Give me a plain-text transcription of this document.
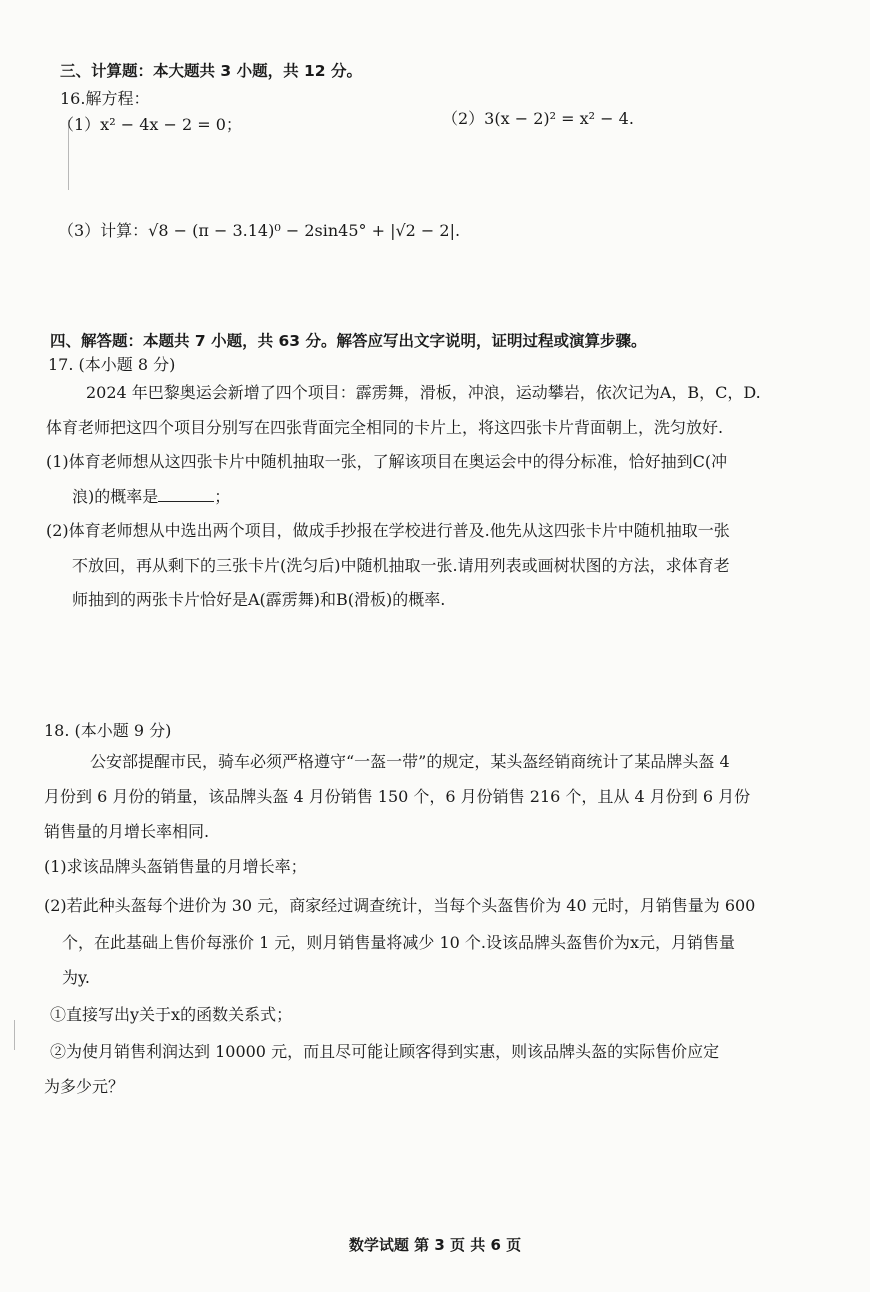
三、计算题：本大题共 3 小题，共 12 分。
16.解方程：
（1）x² − 4x − 2 = 0；	（2）3(x − 2)² = x² − 4.
（3）计算：√8 − (π − 3.14)⁰ − 2sin45° + |√2 − 2|.
四、解答题：本题共 7 小题，共 63 分。解答应写出文字说明，证明过程或演算步骤。
17. (本小题 8 分)
2024 年巴黎奥运会新增了四个项目：霹雳舞，滑板，冲浪，运动攀岩，依次记为A，B，C，D.
体育老师把这四个项目分别写在四张背面完全相同的卡片上，将这四张卡片背面朝上，洗匀放好.
(1)体育老师想从这四张卡片中随机抽取一张，了解该项目在奥运会中的得分标准，恰好抽到C(冲
浪)的概率是	；
(2)体育老师想从中选出两个项目，做成手抄报在学校进行普及.他先从这四张卡片中随机抽取一张
不放回，再从剩下的三张卡片(洗匀后)中随机抽取一张.请用列表或画树状图的方法，求体育老
师抽到的两张卡片恰好是A(霹雳舞)和B(滑板)的概率.
18. (本小题 9 分)
公安部提醒市民，骑车必须严格遵守“一盔一带”的规定，某头盔经销商统计了某品牌头盔 4
月份到 6 月份的销量，该品牌头盔 4 月份销售 150 个，6 月份销售 216 个，且从 4 月份到 6 月份
销售量的月增长率相同.
(1)求该品牌头盔销售量的月增长率；
(2)若此种头盔每个进价为 30 元，商家经过调查统计，当每个头盔售价为 40 元时，月销售量为 600
个，在此基础上售价每涨价 1 元，则月销售量将减少 10 个.设该品牌头盔售价为x元，月销售量
为y.
①直接写出y关于x的函数关系式；
②为使月销售利润达到 10000 元，而且尽可能让顾客得到实惠，则该品牌头盔的实际售价应定
为多少元？
数学试题 第 3 页 共 6 页
